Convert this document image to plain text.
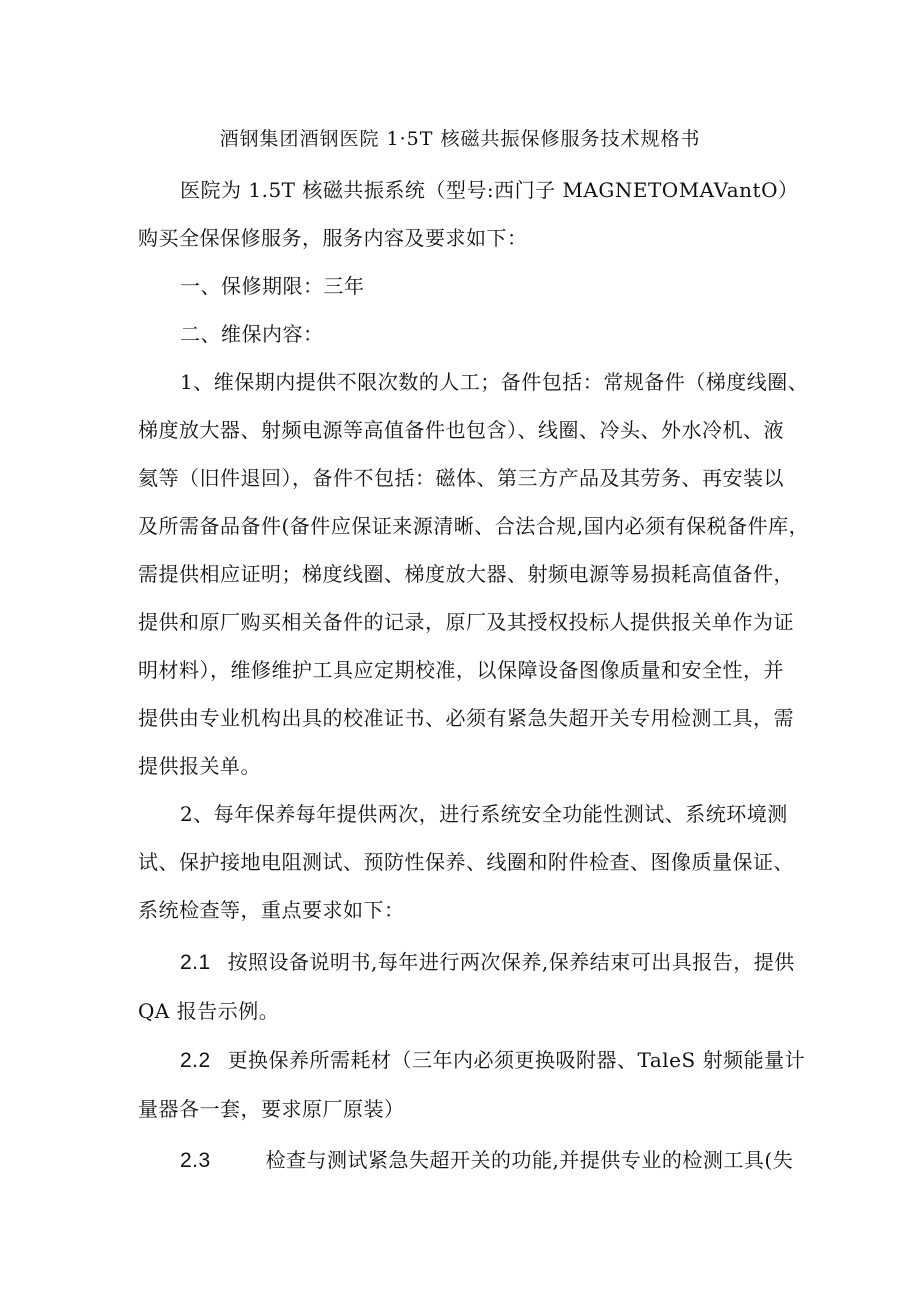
酒钢集团酒钢医院 1·5T 核磁共振保修服务技术规格书

医院为 1.5T 核磁共振系统（型号:西门子 MAGNETOMAVantO）
购买全保保修服务，服务内容及要求如下：

一、保修期限：三年

二、维保内容：

1、维保期内提供不限次数的人工；备件包括：常规备件（梯度线圈、
梯度放大器、射频电源等高值备件也包含）、线圈、冷头、外水冷机、液
氦等（旧件退回），备件不包括：磁体、第三方产品及其劳务、再安装以
及所需备品备件(备件应保证来源清晰、合法合规,国内必须有保税备件库，
需提供相应证明；梯度线圈、梯度放大器、射频电源等易损耗高值备件，
提供和原厂购买相关备件的记录，原厂及其授权投标人提供报关单作为证
明材料），维修维护工具应定期校准，以保障设备图像质量和安全性，并
提供由专业机构出具的校准证书、必须有紧急失超开关专用检测工具，需
提供报关单。

2、每年保养每年提供两次，进行系统安全功能性测试、系统环境测
试、保护接地电阻测试、预防性保养、线圈和附件检查、图像质量保证、
系统检查等，重点要求如下：

2.1 按照设备说明书,每年进行两次保养,保养结束可出具报告，提供
QA 报告示例。

2.2 更换保养所需耗材（三年内必须更换吸附器、TaleS 射频能量计
量器各一套，要求原厂原装）

2.3	检查与测试紧急失超开关的功能,并提供专业的检测工具(失
